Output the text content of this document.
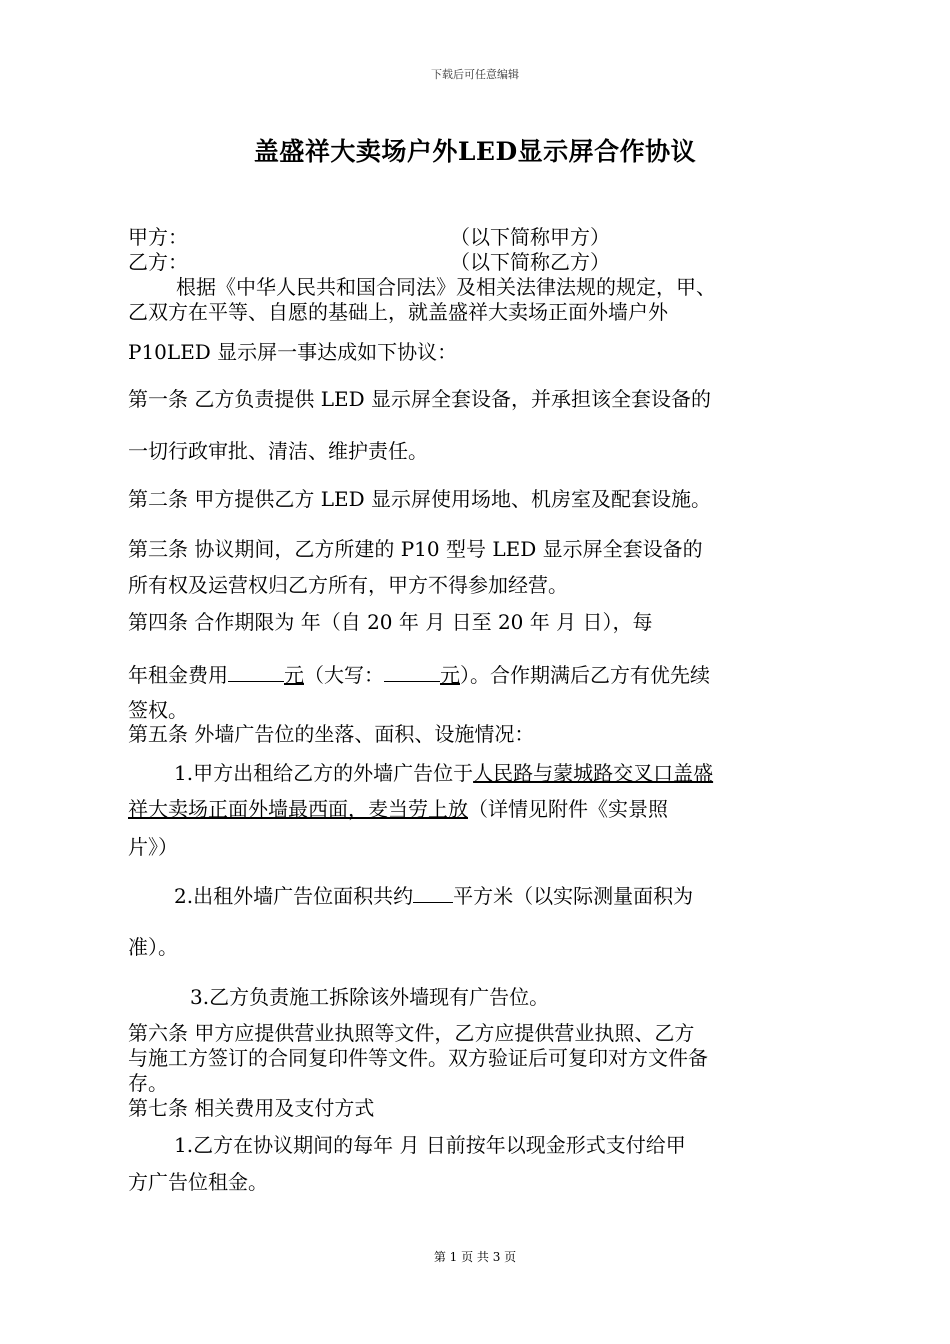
下载后可任意编辑
盖盛祥大卖场户外LED显示屏合作协议
甲方：	（以下简称甲方）
乙方：	（以下简称乙方）
根据《中华人民共和国合同法》及相关法律法规的规定，甲、
乙双方在平等、自愿的基础上，就盖盛祥大卖场正面外墙户外
P10LED 显示屏一事达成如下协议：
第一条 乙方负责提供 LED 显示屏全套设备，并承担该全套设备的
一切行政审批、清洁、维护责任。
第二条 甲方提供乙方 LED 显示屏使用场地、机房室及配套设施。
第三条 协议期间，乙方所建的 P10 型号 LED 显示屏全套设备的
所有权及运营权归乙方所有，甲方不得参加经营。
第四条 合作期限为 年（自 20 年 月 日至 20 年 月 日），每
年租金费用	元（大写：	元）。合作期满后乙方有优先续
签权。
第五条 外墙广告位的坐落、面积、设施情况：
1.甲方出租给乙方的外墙广告位于人民路与蒙城路交叉口盖盛
祥大卖场正面外墙最西面，麦当劳上放（详情见附件《实景照
片》）
2.出租外墙广告位面积共约 平方米（以实际测量面积为
准）。
3.乙方负责施工拆除该外墙现有广告位。
第六条 甲方应提供营业执照等文件，乙方应提供营业执照、乙方
与施工方签订的合同复印件等文件。双方验证后可复印对方文件备
存。
第七条 相关费用及支付方式
1.乙方在协议期间的每年 月 日前按年以现金形式支付给甲
方广告位租金。
第 1 页 共 3 页
